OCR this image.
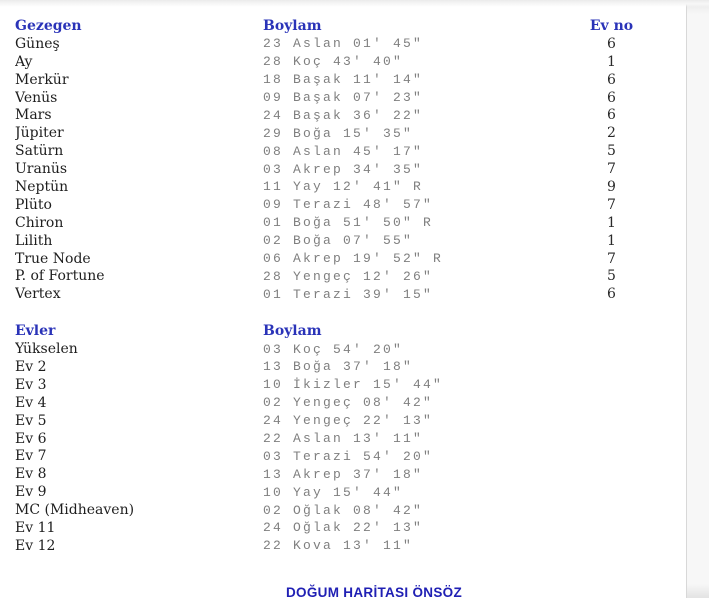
Gezegen	Boylam	Ev no
Güneş	23 Aslan 01' 45"	6
Ay	28 Koç 43' 40"	1
Merkür	18 Başak 11' 14"	6
Venüs	09 Başak 07' 23"	6
Mars	24 Başak 36' 22"	6
Jüpiter	29 Boğa 15' 35"	2
Satürn	08 Aslan 45' 17"	5
Uranüs	03 Akrep 34' 35"	7
Neptün	11 Yay 12' 41" R	9
Plüto	09 Terazi 48' 57"	7
Chiron	01 Boğa 51' 50" R	1
Lilith	02 Boğa 07' 55"	1
True Node	06 Akrep 19' 52" R	7
P. of Fortune	28 Yengeç 12' 26"	5
Vertex	01 Terazi 39' 15"	6
Evler	Boylam
Yükselen	03 Koç 54' 20"
Ev 2	13 Boğa 37' 18"
Ev 3	10 İkizler 15' 44"
Ev 4	02 Yengeç 08' 42"
Ev 5	24 Yengeç 22' 13"
Ev 6	22 Aslan 13' 11"
Ev 7	03 Terazi 54' 20"
Ev 8	13 Akrep 37' 18"
Ev 9	10 Yay 15' 44"
MC (Midheaven)	02 Oğlak 08' 42"
Ev 11	24 Oğlak 22' 13"
Ev 12	22 Kova 13' 11"
DOĞUM HARİTASI ÖNSÖZ
